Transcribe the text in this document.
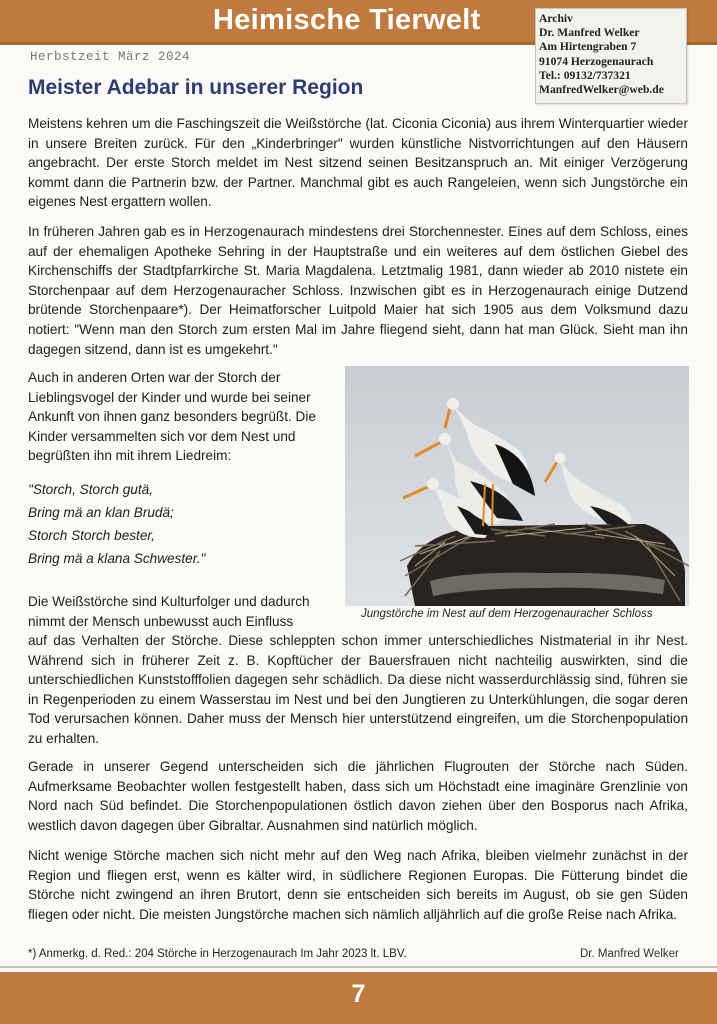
Heimische Tierwelt	Archiv
Dr. Manfred Welker
Am Hirtengraben 7
91074 Herzogenaurach
Tel.: 09132/737321
ManfredWelker@web.de
Herbstzeit März 2024
Meister Adebar in unserer Region
Meistens kehren um die Faschingszeit die Weißstörche (lat. Ciconia Ciconia) aus ihrem Winterquartier wieder in unsere Breiten zurück. Für den „Kinderbringer" wurden künstliche Nistvorrichtungen auf den Häusern angebracht. Der erste Storch meldet im Nest sitzend seinen Besitzanspruch an. Mit einiger Verzögerung kommt dann die Partnerin bzw. der Partner. Manchmal gibt es auch Rangeleien, wenn sich Jungstörche ein eigenes Nest ergattern wollen.
In früheren Jahren gab es in Herzogenaurach mindestens drei Storchennester. Eines auf dem Schloss, eines auf der ehemaligen Apotheke Sehring in der Hauptstraße und ein weiteres auf dem östlichen Giebel des Kirchenschiffs der Stadtpfarrkirche St. Maria Magdalena. Letztmalig 1981, dann wieder ab 2010 nistete ein Storchenpaar auf dem Herzogenauracher Schloss. Inzwischen gibt es in Herzogenaurach einige Dutzend brütende Storchenpaare*). Der Heimatforscher Luitpold Maier hat sich 1905 aus dem Volksmund dazu notiert: "Wenn man den Storch zum ersten Mal im Jahre fliegend sieht, dann hat man Glück. Sieht man ihn dagegen sitzend, dann ist es umgekehrt."
Auch in anderen Orten war der Storch der Lieblingsvogel der Kinder und wurde bei seiner Ankunft von ihnen ganz besonders begrüßt. Die Kinder versammelten sich vor dem Nest und begrüßten ihn mit ihrem Liedreim:
"Storch, Storch gutä,
Bring mä an klan Brudä;
Storch Storch bester,
Bring mä a klana Schwester."
Jungstörche im Nest auf dem Herzogenauracher Schloss
Die Weißstörche sind Kulturfolger und dadurch nimmt der Mensch unbewusst auch Einfluss
auf das Verhalten der Störche. Diese schleppten schon immer unterschiedliches Nistmaterial in ihr Nest. Während sich in früherer Zeit z. B. Kopftücher der Bauersfrauen nicht nachteilig auswirkten, sind die unterschiedlichen Kunststofffolien dagegen sehr schädlich. Da diese nicht wasserdurchlässig sind, führen sie in Regenperioden zu einem Wasserstau im Nest und bei den Jungtieren zu Unterkühlungen, die sogar deren Tod verursachen können. Daher muss der Mensch hier unterstützend eingreifen, um die Storchenpopulation zu erhalten.
Gerade in unserer Gegend unterscheiden sich die jährlichen Flugrouten der Störche nach Süden. Aufmerksame Beobachter wollen festgestellt haben, dass sich um Höchstadt eine imaginäre Grenzlinie von Nord nach Süd befindet. Die Storchenpopulationen östlich davon ziehen über den Bosporus nach Afrika, westlich davon dagegen über Gibraltar. Ausnahmen sind natürlich möglich.
Nicht wenige Störche machen sich nicht mehr auf den Weg nach Afrika, bleiben vielmehr zunächst in der Region und fliegen erst, wenn es kälter wird, in südlichere Regionen Europas. Die Fütterung bindet die Störche nicht zwingend an ihren Brutort, denn sie entscheiden sich bereits im August, ob sie gen Süden fliegen oder nicht. Die meisten Jungstörche machen sich nämlich alljährlich auf die große Reise nach Afrika.
*) Anmerkg. d. Red.: 204 Störche in Herzogenaurach Im Jahr 2023 lt. LBV.	Dr. Manfred Welker
7
